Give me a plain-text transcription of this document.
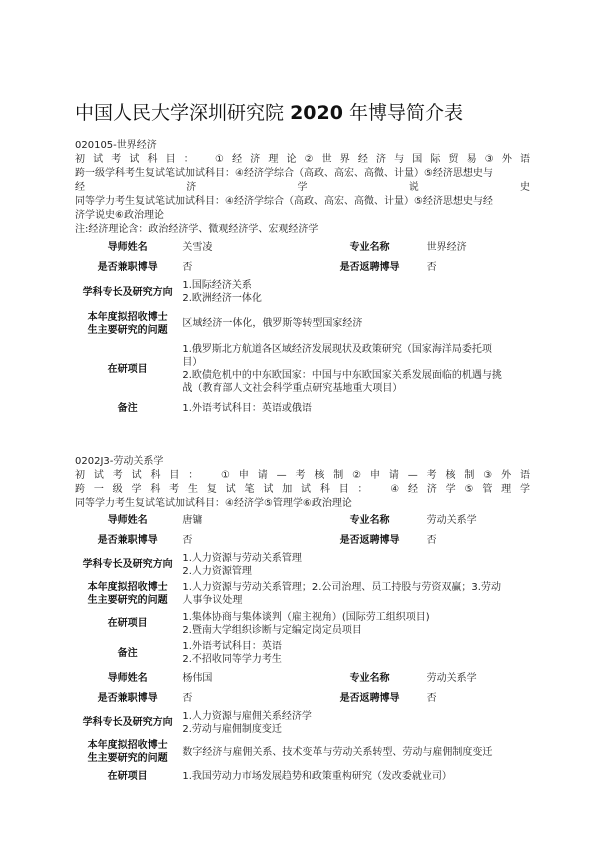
中国人民大学深圳研究院 2020 年博导简介表
020105-世界经济
初试考试科目：　①经济理论②世界经济与国际贸易③外语
跨一级学科考生复试笔试加试科目：④经济学综合（高政、高宏、高微、计量）⑤经济思想史与
经　　　济　　　学　　　说　　　史
同等学力考生复试笔试加试科目：④经济学综合（高政、高宏、高微、计量）⑤经济思想史与经
济学说史⑥政治理论
注:经济理论含：政治经济学、微观经济学、宏观经济学
导师姓名	关雪凌	专业名称	世界经济
是否兼职博导	否	是否返聘博导	否
学科专长及研究方向	1.国际经济关系
2.欧洲经济一体化		

本年度拟招收博士
生主要研究的问题	区域经济一体化，俄罗斯等转型国家经济		
在研项目	1.俄罗斯北方航道各区域经济发展现状及政策研究（国家海洋局委托项
目）
2.欧债危机中的中东欧国家：中国与中东欧国家关系发展面临的机遇与挑
战（教育部人文社会科学重点研究基地重大项目）		

备注	1.外语考试科目：英语或俄语		
0202J3-劳动关系学
初试考试科目：　①申请—考核制②申请—考核制③外语
跨一级学科考生复试笔试加试科目：　④经济学⑤管理学
同等学力考生复试笔试加试科目：④经济学⑤管理学⑥政治理论
导师姓名	唐镛	专业名称	劳动关系学
是否兼职博导	否	是否返聘博导	否
学科专长及研究方向	1.人力资源与劳动关系管理
2.人力资源管理		

本年度拟招收博士
生主要研究的问题	1.人力资源与劳动关系管理；2.公司治理、员工持股与劳资双赢；3.劳动
人事争议处理		

在研项目	1.集体协商与集体谈判（雇主视角）(国际劳工组织项目)
2.暨南大学组织诊断与定编定岗定员项目		

备注	1.外语考试科目：英语
2.不招收同等学力考生		

导师姓名	杨伟国	专业名称	劳动关系学
是否兼职博导	否	是否返聘博导	否
学科专长及研究方向	1.人力资源与雇佣关系经济学
2.劳动与雇佣制度变迁		

本年度拟招收博士
生主要研究的问题	数字经济与雇佣关系、技术变革与劳动关系转型、劳动与雇佣制度变迁		
在研项目	1.我国劳动力市场发展趋势和政策重构研究（发改委就业司）		
